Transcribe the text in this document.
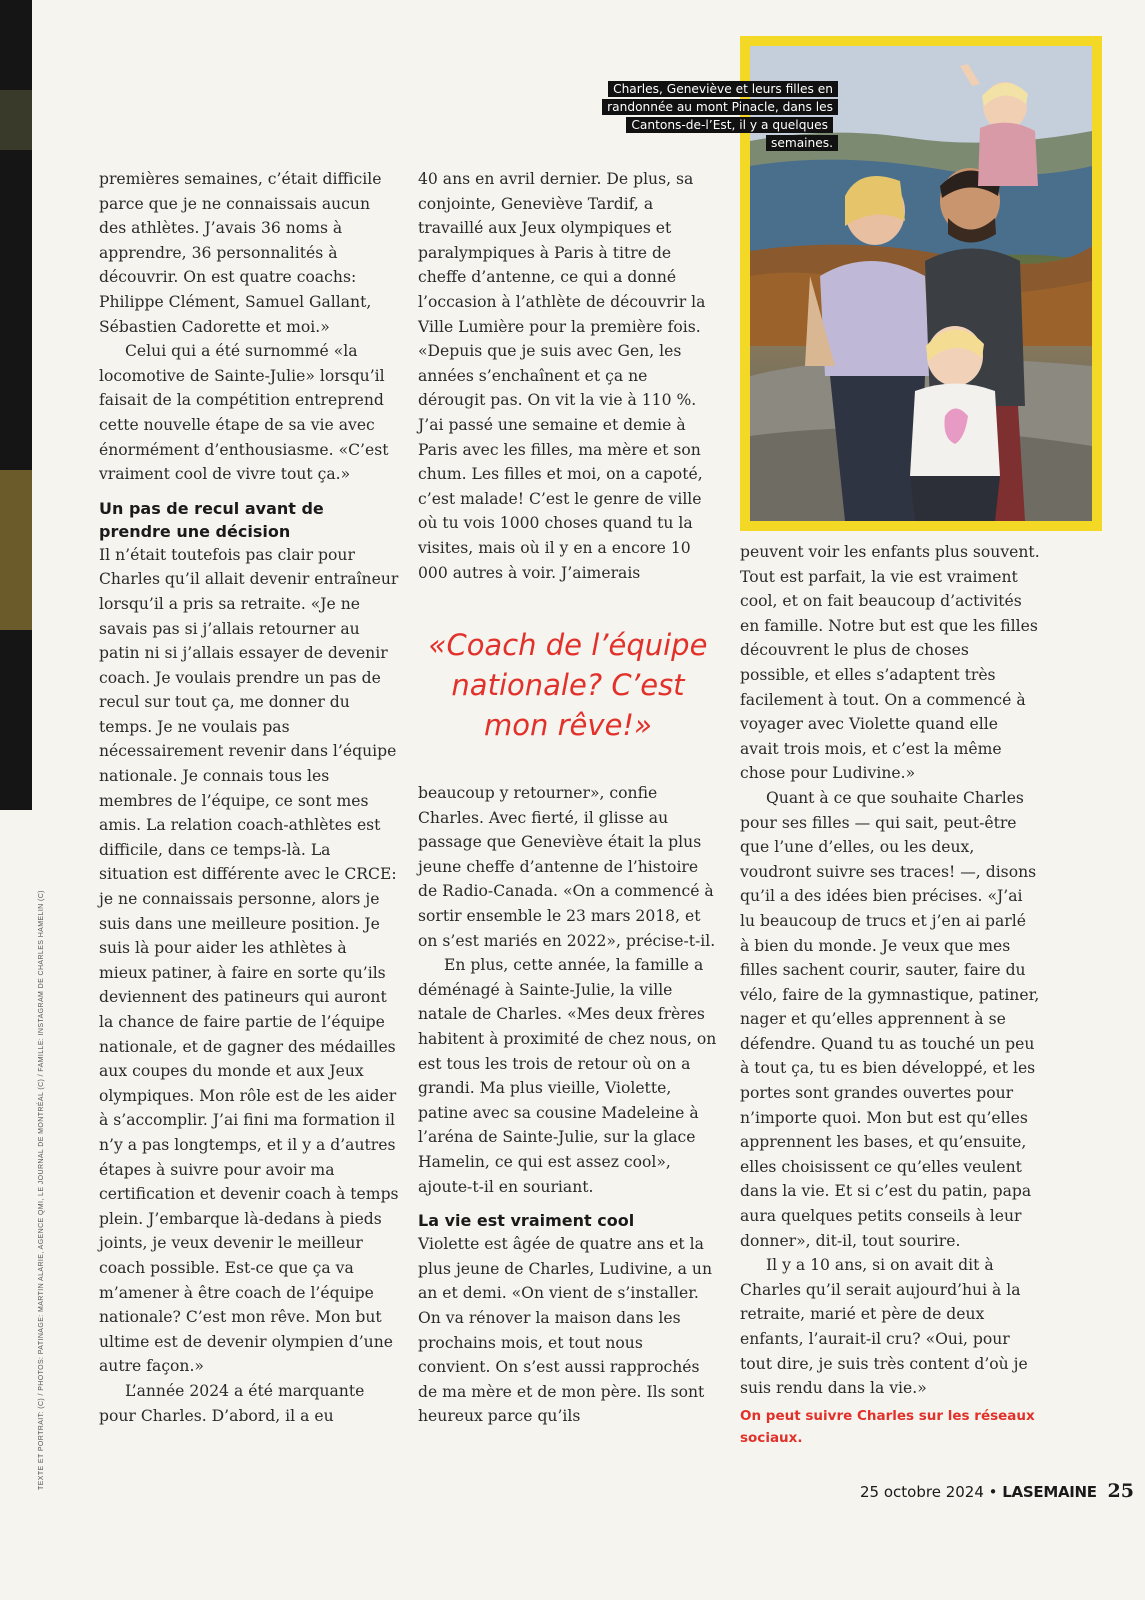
TEXTE ET PORTRAIT: (C) / PHOTOS: PATINAGE: MARTIN ALARIE, AGENCE QMI, LE JOURNAL DE MONTRÉAL (C) / FAMILLE: INSTAGRAM DE CHARLES HAMELIN (C)
Charles, Geneviève et leurs filles en
randonnée au mont Pinacle, dans les
Cantons-de-l’Est, il y a quelques semaines.

premières semaines, c’était difficile parce que je ne connaissais aucun des athlètes. J’avais 36 noms à apprendre, 36 personnalités à découvrir. On est quatre coachs: Philippe Clément, Samuel Gallant, Sébastien Cadorette et moi.»

Celui qui a été surnommé «la locomotive de Sainte-Julie» lorsqu’il faisait de la compétition entreprend cette nouvelle étape de sa vie avec énormément d’enthousiasme. «C’est vraiment cool de vivre tout ça.»

Un pas de recul avant de prendre une décision

Il n’était toutefois pas clair pour Charles qu’il allait devenir entraîneur lorsqu’il a pris sa retraite. «Je ne savais pas si j’allais retourner au patin ni si j’allais essayer de devenir coach. Je voulais prendre un pas de recul sur tout ça, me donner du temps. Je ne voulais pas nécessairement revenir dans l’équipe nationale. Je connais tous les membres de l’équipe, ce sont mes amis. La relation coach-athlètes est difficile, dans ce temps-là. La situation est différente avec le CRCE: je ne connaissais personne, alors je suis dans une meilleure position. Je suis là pour aider les athlètes à mieux patiner, à faire en sorte qu’ils deviennent des patineurs qui auront la chance de faire partie de l’équipe nationale, et de gagner des médailles aux coupes du monde et aux Jeux olympiques. Mon rôle est de les aider à s’accomplir. J’ai fini ma formation il n’y a pas longtemps, et il y a d’autres étapes à suivre pour avoir ma certification et devenir coach à temps plein. J’embarque là-dedans à pieds joints, je veux devenir le meilleur coach possible. Est-ce que ça va m’amener à être coach de l’équipe nationale? C’est mon rêve. Mon but ultime est de devenir olympien d’une autre façon.»

L’année 2024 a été marquante pour Charles. D’abord, il a eu

40 ans en avril dernier. De plus, sa conjointe, Geneviève Tardif, a travaillé aux Jeux olympiques et paralympiques à Paris à titre de cheffe d’antenne, ce qui a donné l’occasion à l’athlète de découvrir la Ville Lumière pour la première fois. «Depuis que je suis avec Gen, les années s’enchaînent et ça ne dérougit pas. On vit la vie à 110 %. J’ai passé une semaine et demie à Paris avec les filles, ma mère et son chum. Les filles et moi, on a capoté, c’est malade! C’est le genre de ville où tu vois 1000 choses quand tu la visites, mais où il y en a encore 10 000 autres à voir. J’aimerais

«Coach de l’équipe nationale? C’est mon rêve!»

beaucoup y retourner», confie Charles. Avec fierté, il glisse au passage que Geneviève était la plus jeune cheffe d’antenne de l’histoire de Radio-Canada. «On a commencé à sortir ensemble le 23 mars 2018, et on s’est mariés en 2022», précise-t-il.

En plus, cette année, la famille a déménagé à Sainte-Julie, la ville natale de Charles. «Mes deux frères habitent à proximité de chez nous, on est tous les trois de retour où on a grandi. Ma plus vieille, Violette, patine avec sa cousine Madeleine à l’aréna de Sainte-Julie, sur la glace Hamelin, ce qui est assez cool», ajoute-t-il en souriant.

La vie est vraiment cool

Violette est âgée de quatre ans et la plus jeune de Charles, Ludivine, a un an et demi. «On vient de s’installer. On va rénover la maison dans les prochains mois, et tout nous convient. On s’est aussi rapprochés de ma mère et de mon père. Ils sont heureux parce qu’ils

peuvent voir les enfants plus souvent. Tout est parfait, la vie est vraiment cool, et on fait beaucoup d’activités en famille. Notre but est que les filles découvrent le plus de choses possible, et elles s’adaptent très facilement à tout. On a commencé à voyager avec Violette quand elle avait trois mois, et c’est la même chose pour Ludivine.»

Quant à ce que souhaite Charles pour ses filles — qui sait, peut-être que l’une d’elles, ou les deux, voudront suivre ses traces! —, disons qu’il a des idées bien précises. «J’ai lu beaucoup de trucs et j’en ai parlé à bien du monde. Je veux que mes filles sachent courir, sauter, faire du vélo, faire de la gymnastique, patiner, nager et qu’elles apprennent à se défendre. Quand tu as touché un peu à tout ça, tu es bien développé, et les portes sont grandes ouvertes pour n’importe quoi. Mon but est qu’elles apprennent les bases, et qu’ensuite, elles choisissent ce qu’elles veulent dans la vie. Et si c’est du patin, papa aura quelques petits conseils à leur donner», dit-il, tout sourire.

Il y a 10 ans, si on avait dit à Charles qu’il serait aujourd’hui à la retraite, marié et père de deux enfants, l’aurait-il cru? «Oui, pour tout dire, je suis très content d’où je suis rendu dans la vie.»

On peut suivre Charles sur les réseaux sociaux.
25 octobre 2024 • LASEMAINE 25
